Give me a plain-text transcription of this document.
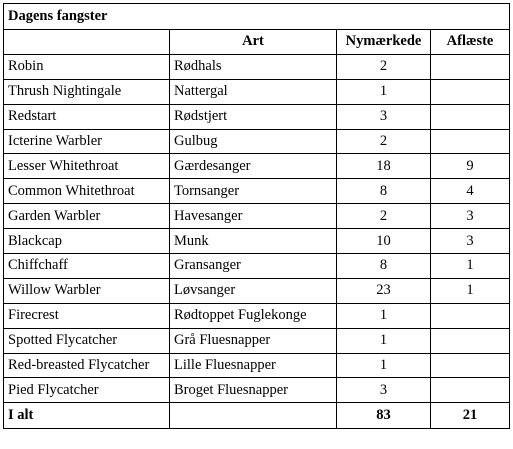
Dagens fangster			
	Art	Nymærkede	Aflæste
Robin	Rødhals	2	
Thrush Nightingale	Nattergal	1	
Redstart	Rødstjert	3	
Icterine Warbler	Gulbug	2	
Lesser Whitethroat	Gærdesanger	18	9
Common Whitethroat	Tornsanger	8	4
Garden Warbler	Havesanger	2	3
Blackcap	Munk	10	3
Chiffchaff	Gransanger	8	1
Willow Warbler	Løvsanger	23	1
Firecrest	Rødtoppet Fuglekonge	1	
Spotted Flycatcher	Grå Fluesnapper	1	
Red-breasted Flycatcher	Lille Fluesnapper	1	
Pied Flycatcher	Broget Fluesnapper	3	
I alt		83	21
